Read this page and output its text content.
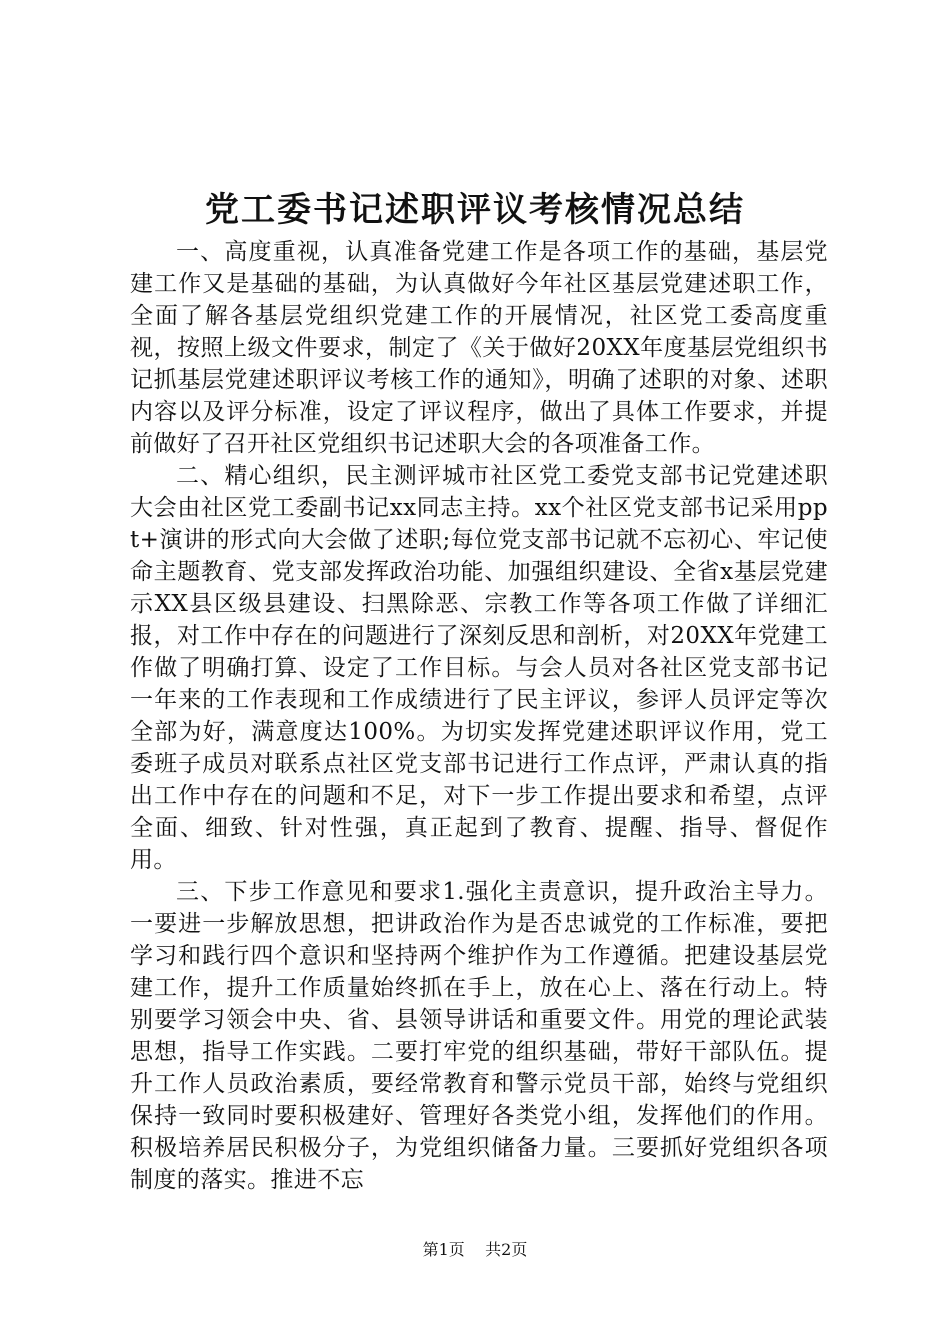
党工委书记述职评议考核情况总结

一、高度重视，认真准备党建工作是各项工作的基础，基层党建工作又是基础的基础，为认真做好今年社区基层党建述职工作，全面了解各基层党组织党建工作的开展情况，社区党工委高度重视，按照上级文件要求，制定了《关于做好20XX年度基层党组织书记抓基层党建述职评议考核工作的通知》，明确了述职的对象、述职内容以及评分标准，设定了评议程序，做出了具体工作要求，并提前做好了召开社区党组织书记述职大会的各项准备工作。

二、精心组织，民主测评城市社区党工委党支部书记党建述职大会由社区党工委副书记xx同志主持。xx个社区党支部书记采用ppt+演讲的形式向大会做了述职;每位党支部书记就不忘初心、牢记使命主题教育、党支部发挥政治功能、加强组织建设、全省x基层党建示XX县区级县建设、扫黑除恶、宗教工作等各项工作做了详细汇报，对工作中存在的问题进行了深刻反思和剖析，对20XX年党建工作做了明确打算、设定了工作目标。与会人员对各社区党支部书记一年来的工作表现和工作成绩进行了民主评议，参评人员评定等次全部为好，满意度达100%。为切实发挥党建述职评议作用，党工委班子成员对联系点社区党支部书记进行工作点评，严肃认真的指出工作中存在的问题和不足，对下一步工作提出要求和希望，点评全面、细致、针对性强，真正起到了教育、提醒、指导、督促作用。

三、下步工作意见和要求1.强化主责意识，提升政治主导力。一要进一步解放思想，把讲政治作为是否忠诚党的工作标准，要把学习和践行四个意识和坚持两个维护作为工作遵循。把建设基层党建工作，提升工作质量始终抓在手上，放在心上、落在行动上。特别要学习领会中央、省、县领导讲话和重要文件。用党的理论武装思想，指导工作实践。二要打牢党的组织基础，带好干部队伍。提升工作人员政治素质，要经常教育和警示党员干部，始终与党组织保持一致同时要积极建好、管理好各类党小组，发挥他们的作用。积极培养居民积极分子，为党组织储备力量。三要抓好党组织各项制度的落实。推进不忘

第1页 共2页
